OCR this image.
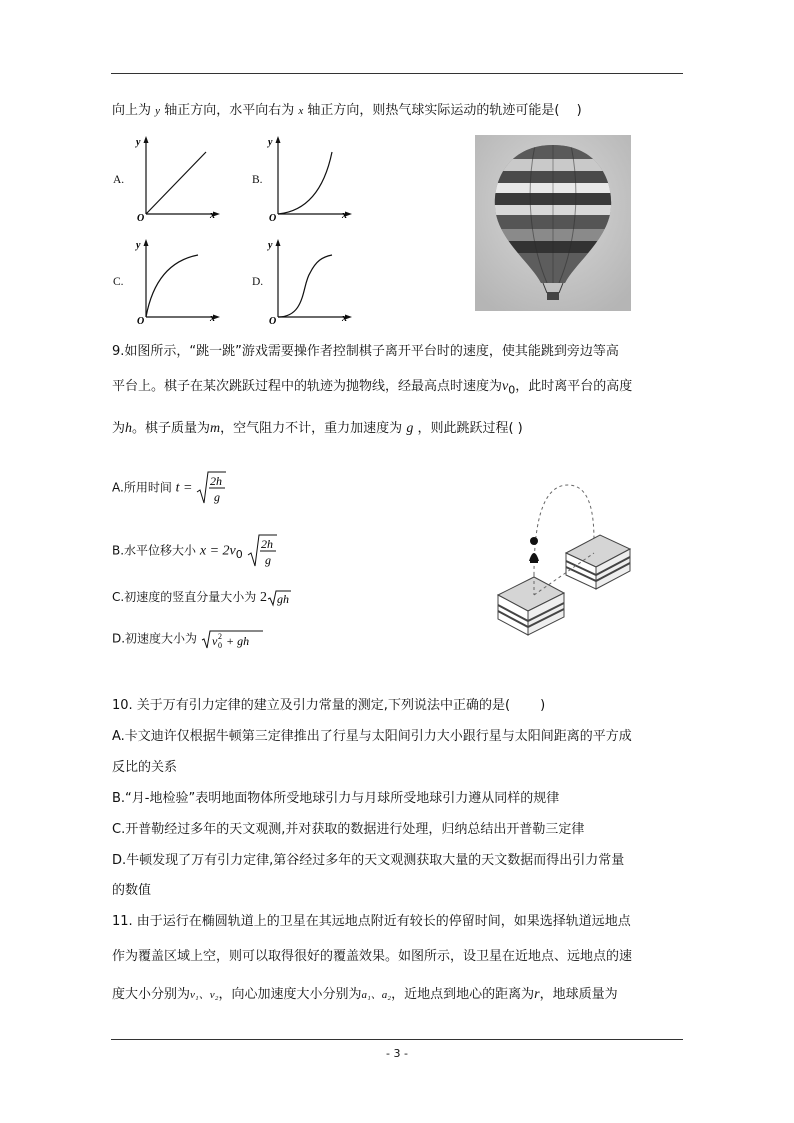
向上为 y 轴正方向，水平向右为 x 轴正方向，则热气球实际运动的轨迹可能是(　 )
A.
y
x
O
B.
y
x
O
C.
y
x
O
D.
y
x
O
9.如图所示，“跳一跳”游戏需要操作者控制棋子离开平台时的速度，使其能跳到旁边等高
平台上。棋子在某次跳跃过程中的轨迹为抛物线，经最高点时速度为$v_0$，此时离平台的高度
为h。棋子质量为m，空气阻力不计，重力加速度为 g ，则此跳跃过程( )
A.所用时间 t = 2h
g
B.水平位移大小 $x = 2v_0$
2h
g
C.初速度的竖直分量大小为 2 gh
D.初速度大小为 v 0
2 + gh
10. 关于万有引力定律的建立及引力常量的测定,下列说法中正确的是(　　 )
A.卡文迪许仅根据牛顿第三定律推出了行星与太阳间引力大小跟行星与太阳间距离的平方成
反比的关系
B.“月-地检验”表明地面物体所受地球引力与月球所受地球引力遵从同样的规律
C.开普勒经过多年的天文观测,并对获取的数据进行处理，归纳总结出开普勒三定律
D.牛顿发现了万有引力定律,第谷经过多年的天文观测获取大量的天文数据而得出引力常量
的数值
11. 由于运行在椭圆轨道上的卫星在其远地点附近有较长的停留时间，如果选择轨道远地点
作为覆盖区域上空，则可以取得很好的覆盖效果。如图所示，设卫星在近地点、远地点的速
度大小分别为v₁、v₂，向心加速度大小分别为a₁、a₂，近地点到地心的距离为r，地球质量为
- 3 -
